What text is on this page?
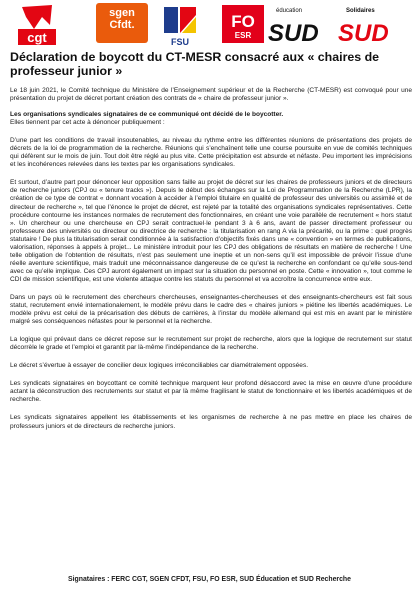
cgt
sgen
Cfdt.
FSU
FO
ESR
éducation
SUD
Solidaires
SUD
Déclaration de boycott du CT-MESR consacré aux « chaires de professeur junior »

Le 18 juin 2021, le Comité technique du Ministère de l’Enseignement supérieur et de la Recherche (CT-MESR) est convoqué pour une présentation du projet de décret portant création des contrats de « chaire de professeur junior ».

Les organisations syndicales signataires de ce communiqué ont décidé de le boycotter.

Elles tiennent par cet acte à dénoncer publiquement :

D’une part les conditions de travail insoutenables, au niveau du rythme entre les différentes réunions de présentations des projets de décrets de la loi de programmation de la recherche. Réunions qui s’enchaînent telle une course poursuite en vue de comités techniques qui défèrent sur le mois de juin. Tout doit être réglé au plus vite. Cette précipitation est absurde et néfaste. Peu importent les imprécisions et les incohérences relevées dans les textes par les organisations syndicales.

Et surtout, d’autre part pour dénoncer leur opposition sans faille au projet de décret sur les chaires de professeurs juniors et de directeurs de recherche juniors (CPJ ou « tenure tracks »). Depuis le début des échanges sur la Loi de Programmation de la Recherche (LPR), la création de ce type de contrat « donnant vocation à accéder à l’emploi titulaire en qualité de professeur des universités ou assimilé et de directeur de recherche », tel que l’énonce le projet de décret, est rejeté par la totalité des organisations syndicales représentatives. Cette procédure contourne les instances normales de recrutement des fonctionnaires, en créant une voie parallèle de recrutement « hors statut ». Un chercheur ou une chercheuse en CPJ serait contractuel·le pendant 3 à 6 ans, avant de passer directement professeur ou professeure des universités ou directeur ou directrice de recherche : la titularisation en rang A via la précarité, ou la prime : quel progrès statutaire ! De plus la titularisation serait conditionnée à la satisfaction d’objectifs fixés dans une « convention » en termes de publications, valorisation, réponses à appels à projet... Le ministère introduit pour les CPJ des obligations de résultats en matière de recherche ! Une telle obligation de l’obtention de résultats, n’est pas seulement une ineptie et un non-sens qu’il est impossible de prévoir l’issue d’une réelle aventure scientifique, mais traduit une méconnaissance dangereuse de ce qu’est la recherche en confondant ce qu’elle sous-tend avec ce qu’elle implique. Ces CPJ auront également un impact sur la situation du personnel en poste. Cette « innovation », tout comme le CDI de mission scientifique, est une violente attaque contre les statuts du personnel et va accroître la concurrence entre eux.

Dans un pays où le recrutement des chercheurs chercheuses, enseignantes-chercheuses et des enseignants-chercheurs est fait sous statut, recrutement envié internationalement, le modèle prévu dans le cadre des « chaires juniors » piétine les libertés académiques. Le modèle prévu est celui de la précarisation des débuts de carrières, à l’instar du modèle allemand qui est mis en avant par le ministère malgré ses conséquences néfastes pour le personnel et la recherche.

La logique qui prévaut dans ce décret repose sur le recrutement sur projet de recherche, alors que la logique de recrutement sur statut décorrèle le grade et l’emploi et garantit par là-même l’indépendance de la recherche.

Le décret s’évertue à essayer de concilier deux logiques irréconciliables car diamétralement opposées.

Les syndicats signataires en boycottant ce comité technique marquent leur profond désaccord avec la mise en œuvre d’une procédure actant la déconstruction des recrutements sur statut et par là même fragilisant le statut de fonctionnaire et les libertés académiques et de recherche.

Les syndicats signataires appellent les établissements et les organismes de recherche à ne pas mettre en place les chaires de professeurs juniors et de directeurs de recherche juniors.

Signataires : FERC CGT, SGEN CFDT, FSU, FO ESR, SUD Éducation et SUD Recherche
